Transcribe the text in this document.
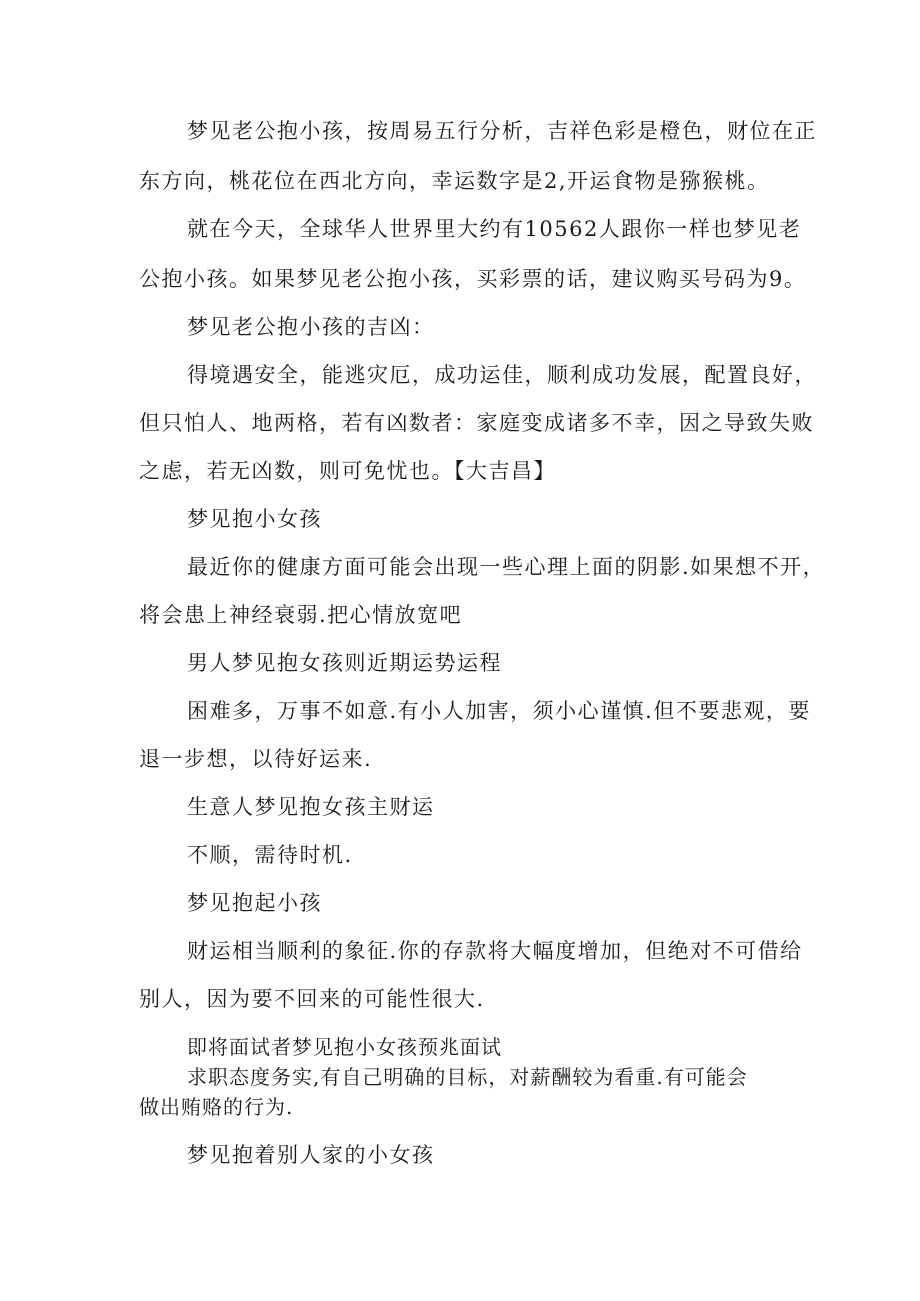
梦见老公抱小孩，按周易五行分析，吉祥色彩是橙色，财位在正
东方向，桃花位在西北方向，幸运数字是2,开运食物是猕猴桃。
就在今天，全球华人世界里大约有10562人跟你一样也梦见老
公抱小孩。如果梦见老公抱小孩，买彩票的话，建议购买号码为9。
梦见老公抱小孩的吉凶：
得境遇安全，能逃灾厄，成功运佳，顺利成功发展，配置良好，
但只怕人、地两格，若有凶数者：家庭变成诸多不幸，因之导致失败
之虑，若无凶数，则可免忧也。【大吉昌】
梦见抱小女孩
最近你的健康方面可能会出现一些心理上面的阴影.如果想不开，
将会患上神经衰弱.把心情放宽吧
男人梦见抱女孩则近期运势运程
困难多，万事不如意.有小人加害，须小心谨慎.但不要悲观，要
退一步想，以待好运来.
生意人梦见抱女孩主财运
不顺，需待时机.
梦见抱起小孩
财运相当顺利的象征.你的存款将大幅度增加，但绝对不可借给
别人，因为要不回来的可能性很大.
即将面试者梦见抱小女孩预兆面试
求职态度务实,有自己明确的目标，对薪酬较为看重.有可能会
做出贿赂的行为.
梦见抱着别人家的小女孩
